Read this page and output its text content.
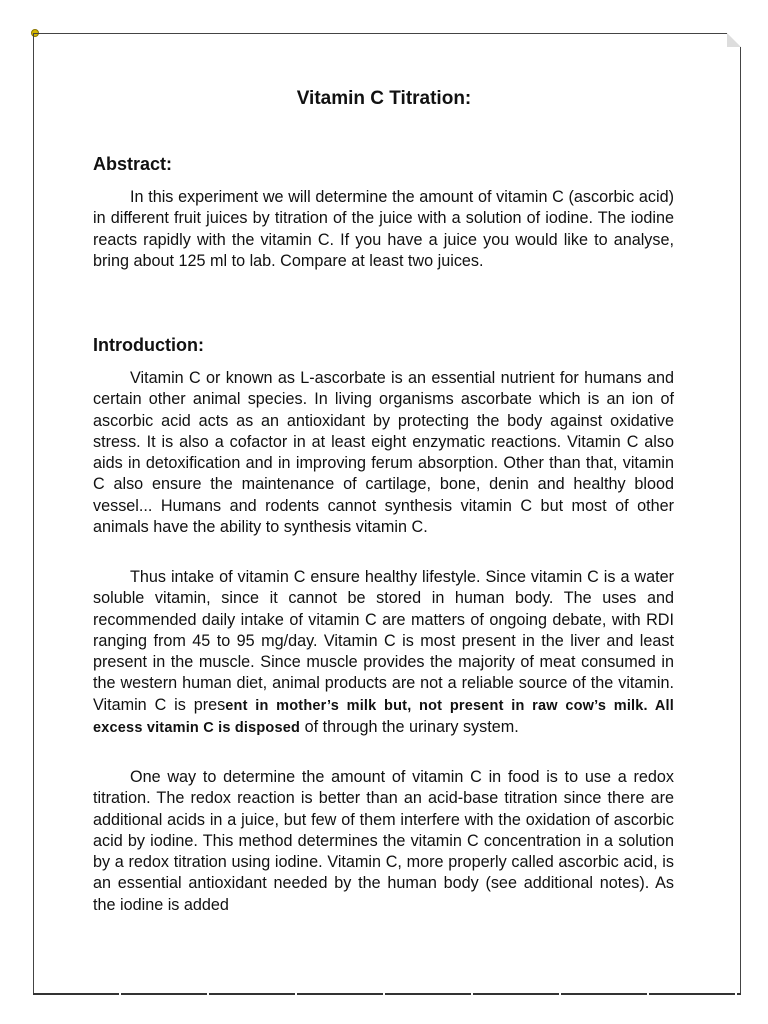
Vitamin C Titration:
Abstract:
In this experiment we will determine the amount of vitamin C (ascorbic acid) in different fruit juices by titration of the juice with a solution of iodine. The iodine reacts rapidly with the vitamin C. If you have a juice you would like to analyse, bring about 125 ml to lab. Compare at least two juices.
Introduction:
Vitamin C or known as L-ascorbate is an essential nutrient for humans and certain other animal species. In living organisms ascorbate which is an ion of ascorbic acid acts as an antioxidant by protecting the body against oxidative stress. It is also a cofactor in at least eight enzymatic reactions. Vitamin C also aids in detoxification and in improving ferum absorption. Other than that, vitamin C also ensure the maintenance of cartilage, bone, denin and healthy blood vessel... Humans and rodents cannot synthesis vitamin C but most of other animals have the ability to synthesis vitamin C.
Thus intake of vitamin C ensure healthy lifestyle. Since vitamin C is a water soluble vitamin, since it cannot be stored in human body. The uses and recommended daily intake of vitamin C are matters of ongoing debate, with RDI ranging from 45 to 95 mg/day. Vitamin C is most present in the liver and least present in the muscle. Since muscle provides the majority of meat consumed in the western human diet, animal products are not a reliable source of the vitamin. Vitamin C is present in mother’s milk but, not present in raw cow’s milk. All excess vitamin C is disposed of through the urinary system.
One way to determine the amount of vitamin C in food is to use a redox titration. The redox reaction is better than an acid-base titration since there are additional acids in a juice, but few of them interfere with the oxidation of ascorbic acid by iodine. This method determines the vitamin C concentration in a solution by a redox titration using iodine. Vitamin C, more properly called ascorbic acid, is an essential antioxidant needed by the human body (see additional notes). As the iodine is added
